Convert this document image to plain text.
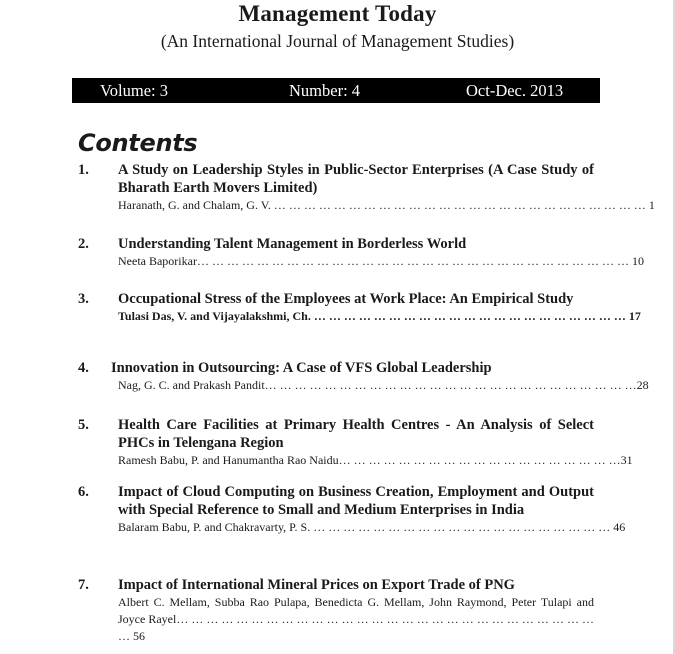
Management Today
(An International Journal of Management Studies)
Volume: 3	Number: 4	Oct-Dec. 2013
Contents
1. A Study on Leadership Styles in Public-Sector Enterprises (A Case Study of Bharath Earth Movers Limited)
Haranath, G. and Chalam, G. V. … … … … … … … … … … … … … … … … … … … … … … … … … 1
2. Understanding Talent Management in Borderless World
Neeta Baporikar… … … … … … … … … … … … … … … … … … … … … … … … … … … … … 10
3. Occupational Stress of the Employees at Work Place: An Empirical Study
Tulasi Das, V. and Vijayalakshmi, Ch. … … … … … … … … … … … … … … … … … … … … … 17
4. Innovation in Outsourcing: A Case of VFS Global Leadership
Nag, G. C. and Prakash Pandit… … … … … … … … … … … … … … … … … … … … … … … … …28
5. Health Care Facilities at Primary Health Centres - An Analysis of Select PHCs in Telengana Region
Ramesh Babu, P. and Hanumantha Rao Naidu… … … … … … … … … … … … … … … … … … …31
6. Impact of Cloud Computing on Business Creation, Employment and Output with Special Reference to Small and Medium Enterprises in India
Balaram Babu, P. and Chakravarty, P. S. … … … … … … … … … … … … … … … … … … … … 46
7. Impact of International Mineral Prices on Export Trade of PNG
Albert C. Mellam, Subba Rao Pulapa, Benedicta G. Mellam, John Raymond, Peter Tulapi and Joyce Rayel… … … … … … … … … … … … … … … … … … … … … … … … … … … … … 56
